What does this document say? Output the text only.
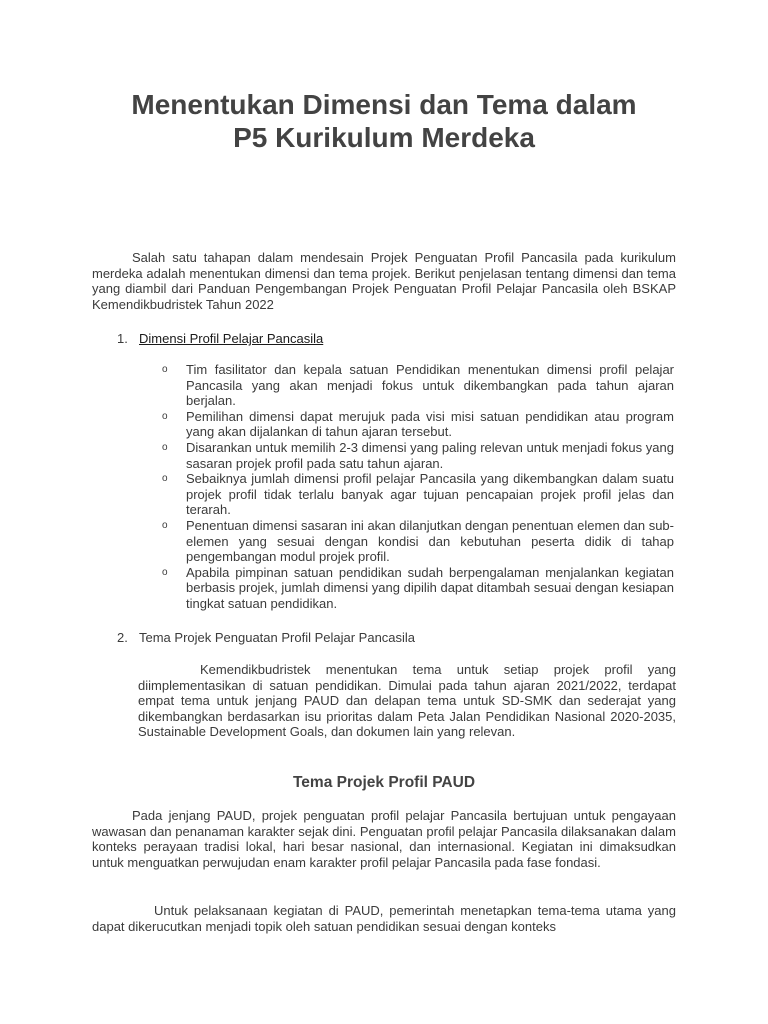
Menentukan Dimensi dan Tema dalam
P5 Kurikulum Merdeka

Salah satu tahapan dalam mendesain Projek Penguatan Profil Pancasila pada kurikulum merdeka adalah menentukan dimensi dan tema projek. Berikut penjelasan tentang dimensi dan tema yang diambil dari Panduan Pengembangan Projek Penguatan Profil Pelajar Pancasila oleh BSKAP Kemendikbudristek Tahun 2022

1. Dimensi Profil Pelajar Pancasila
o Tim fasilitator dan kepala satuan Pendidikan menentukan dimensi profil pelajar Pancasila yang akan menjadi fokus untuk dikembangkan pada tahun ajaran berjalan.
o Pemilihan dimensi dapat merujuk pada visi misi satuan pendidikan atau program yang akan dijalankan di tahun ajaran tersebut.
o Disarankan untuk memilih 2-3 dimensi yang paling relevan untuk menjadi fokus yang sasaran projek profil pada satu tahun ajaran.
o Sebaiknya jumlah dimensi profil pelajar Pancasila yang dikembangkan dalam suatu projek profil tidak terlalu banyak agar tujuan pencapaian projek profil jelas dan terarah.
o Penentuan dimensi sasaran ini akan dilanjutkan dengan penentuan elemen dan sub-elemen yang sesuai dengan kondisi dan kebutuhan peserta didik di tahap pengembangan modul projek profil.
o Apabila pimpinan satuan pendidikan sudah berpengalaman menjalankan kegiatan berbasis projek, jumlah dimensi yang dipilih dapat ditambah sesuai dengan kesiapan tingkat satuan pendidikan.
2. Tema Projek Penguatan Profil Pelajar Pancasila

Kemendikbudristek menentukan tema untuk setiap projek profil yang diimplementasikan di satuan pendidikan. Dimulai pada tahun ajaran 2021/2022, terdapat empat tema untuk jenjang PAUD dan delapan tema untuk SD-SMK dan sederajat yang dikembangkan berdasarkan isu prioritas dalam Peta Jalan Pendidikan Nasional 2020-2035, Sustainable Development Goals, dan dokumen lain yang relevan.

Tema Projek Profil PAUD

Pada jenjang PAUD, projek penguatan profil pelajar Pancasila bertujuan untuk pengayaan wawasan dan penanaman karakter sejak dini. Penguatan profil pelajar Pancasila dilaksanakan dalam konteks perayaan tradisi lokal, hari besar nasional, dan internasional. Kegiatan ini dimaksudkan untuk menguatkan perwujudan enam karakter profil pelajar Pancasila pada fase fondasi.

Untuk pelaksanaan kegiatan di PAUD, pemerintah menetapkan tema-tema utama yang dapat dikerucutkan menjadi topik oleh satuan pendidikan sesuai dengan konteks
